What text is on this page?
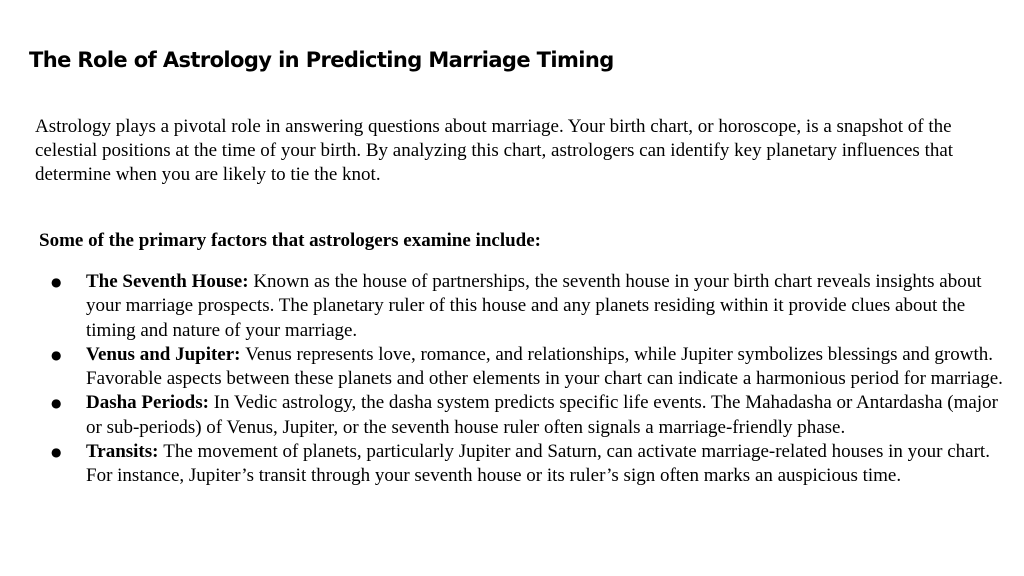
The Role of Astrology in Predicting Marriage Timing

Astrology plays a pivotal role in answering questions about marriage. Your birth chart, or horoscope, is a snapshot of the celestial positions at the time of your birth. By analyzing this chart, astrologers can identify key planetary influences that determine when you are likely to tie the knot.

Some of the primary factors that astrologers examine include:

● The Seventh House: Known as the house of partnerships, the seventh house in your birth chart reveals insights about your marriage prospects. The planetary ruler of this house and any planets residing within it provide clues about the timing and nature of your marriage.
● Venus and Jupiter: Venus represents love, romance, and relationships, while Jupiter symbolizes blessings and growth. Favorable aspects between these planets and other elements in your chart can indicate a harmonious period for marriage.
● Dasha Periods: In Vedic astrology, the dasha system predicts specific life events. The Mahadasha or Antardasha (major or sub-periods) of Venus, Jupiter, or the seventh house ruler often signals a marriage-friendly phase.
● Transits: The movement of planets, particularly Jupiter and Saturn, can activate marriage-related houses in your chart. For instance, Jupiter’s transit through your seventh house or its ruler’s sign often marks an auspicious time.
